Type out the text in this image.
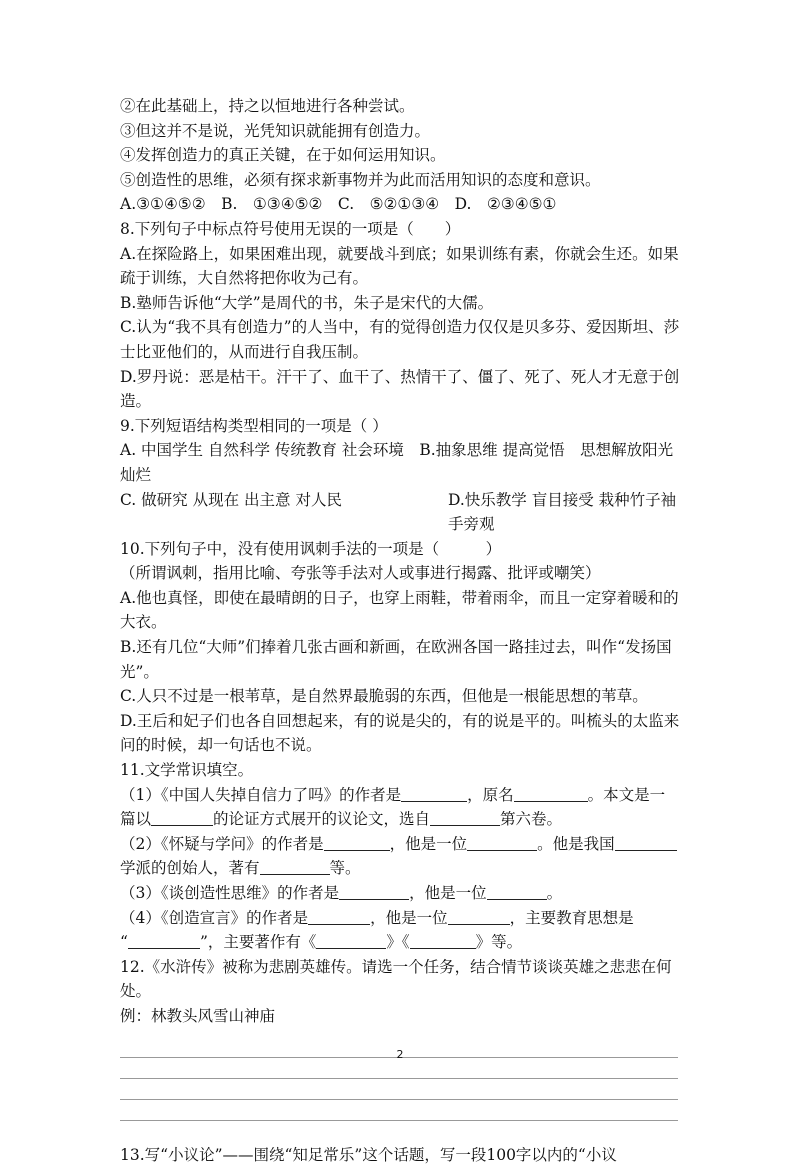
②在此基础上，持之以恒地进行各种尝试。
③但这并不是说，光凭知识就能拥有创造力。
④发挥创造力的真正关键，在于如何运用知识。
⑤创造性的思维，必须有探求新事物并为此而活用知识的态度和意识。
A.③①④⑤②　B.　①③④⑤②　C.　⑤②①③④　D.　②③④⑤①
8.下列句子中标点符号使用无误的一项是（　　）
A.在探险路上，如果困难出现，就要战斗到底；如果训练有素，你就会生还。如果疏于训练，大自然将把你收为己有。
B.塾师告诉他“大学”是周代的书，朱子是宋代的大儒。
C.认为“我不具有创造力”的人当中，有的觉得创造力仅仅是贝多芬、爱因斯坦、莎士比亚他们的，从而进行自我压制。
D.罗丹说：恶是枯干。汗干了、血干了、热情干了、僵了、死了、死人才无意于创造。
9.下列短语结构类型相同的一项是（ ）
A. 中国学生 自然科学 传统教育 社会环境　B.抽象思维 提高觉悟　思想解放阳光灿烂
C. 做研究 从现在 出主意 对人民	D.快乐教学 盲目接受 栽种竹子袖手旁观
10.下列句子中，没有使用讽刺手法的一项是（　　　）
（所谓讽刺，指用比喻、夸张等手法对人或事进行揭露、批评或嘲笑）
A.他也真怪，即使在最晴朗的日子，也穿上雨鞋，带着雨伞，而且一定穿着暖和的大衣。
B.还有几位“大师”们捧着几张古画和新画，在欧洲各国一路挂过去，叫作“发扬国光”。
C.人只不过是一根苇草，是自然界最脆弱的东西，但他是一根能思想的苇草。
D.王后和妃子们也各自回想起来，有的说是尖的，有的说是平的。叫梳头的太监来问的时候，却一句话也不说。
11.文学常识填空。
（1）《中国人失掉自信力了吗》的作者是	，原名	。本文是一
篇以	的论证方式展开的议论文，选自	第六卷。
（2）《怀疑与学问》的作者是	，他是一位	。他是我国
学派的创始人，著有	等。
（3）《谈创造性思维》的作者是	，他是一位	。
（4）《创造宣言》的作者是	，他是一位	，主要教育思想是
“	”，主要著作有《	》《	》等。
12.《水浒传》被称为悲剧英雄传。请选一个任务，结合情节谈谈英雄之悲悲在何处。
例：林教头风雪山神庙
13.写“小议论”——围绕“知足常乐”这个话题，写一段100字以内的“小议
2
